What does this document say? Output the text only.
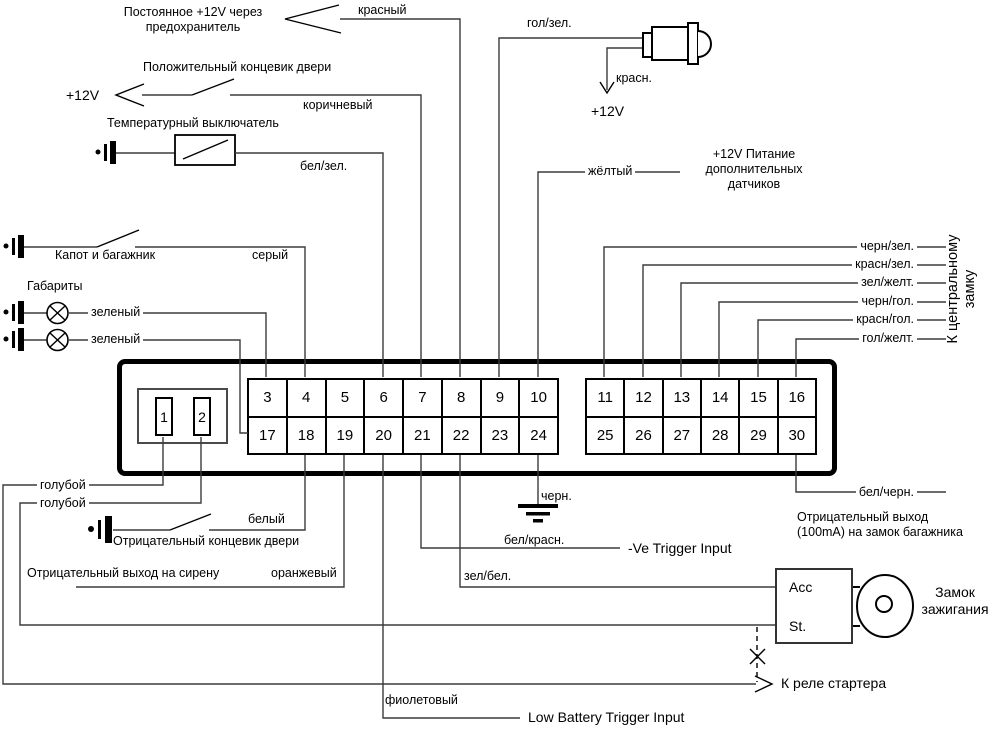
1 2
3	4	5	6	7	8	9	10
17	18	19	20	21	22	23	24
11	12	13	14	15	16
25	26	27	28	29	30
Постоянное +12V через
предохранитель
красный
Положительный концевик двери
+12V
коричневый
Температурный выключатель
бел/зел.
гол/зел.
красн.
+12V
жёлтый
+12V Питание
дополнительных
датчиков
Капот и багажник	серый
Габариты
зеленый
зеленый
черн/зел.
красн/зел.
зел/желт.
черн/гол.
красн/гол.
гол/желт. К центральному замку
бел/черн.
Отрицательный выход
(100mA) на замок багажника
голубой
голубой
белый
Отрицательный концевик двери
Отрицательный выход на сирену	оранжевый
черн.
бел/красн.	-Ve Trigger Input
зел/бел.
Acc
St.
Замок
зажигания
К реле стартера
фиолетовый
Low Battery Trigger Input
